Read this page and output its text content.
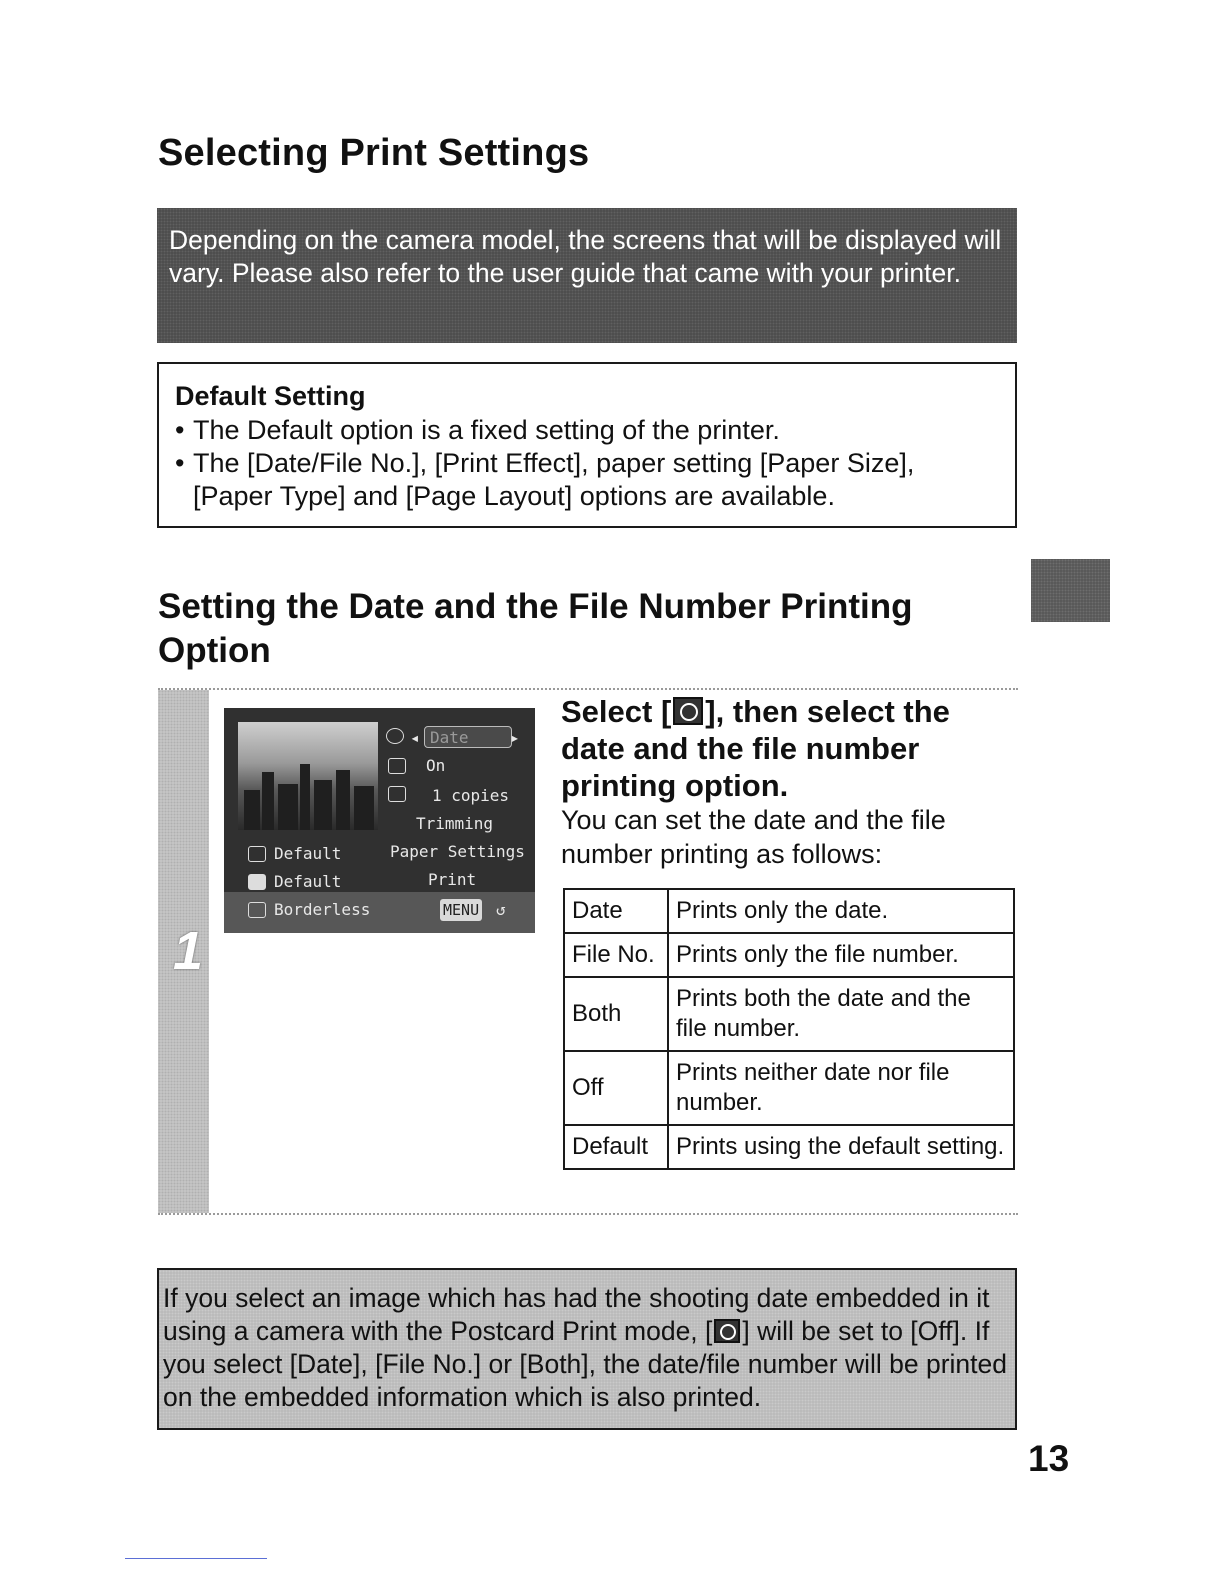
Selecting Print Settings

Depending on the camera model, the screens that will be displayed will vary. Please also refer to the user guide that came with your printer.

Default Setting
• The Default option is a fixed setting of the printer.
• The [Date/File No.], [Print Effect], paper setting [Paper Size], [Paper Type] and [Page Layout] options are available.
Setting the Date and the File Number Printing Option
1
◂ Date	▸
On
1 copies
Trimming
Paper Settings
Print
Default
Default
Borderless	MENU ↺

Select [ ], then select the date and the file number printing option.

You can set the date and the file number printing as follows:

Date	Prints only the date.
File No.	Prints only the file number.
Both	Prints both the date and the file number.
Off	Prints neither date nor file number.
Default	Prints using the default setting.

If you select an image which has had the shooting date embedded in it using a camera with the Postcard Print mode, [ ] will be set to [Off]. If you select [Date], [File No.] or [Both], the date/file number will be printed on the embedded information which is also printed.

13
